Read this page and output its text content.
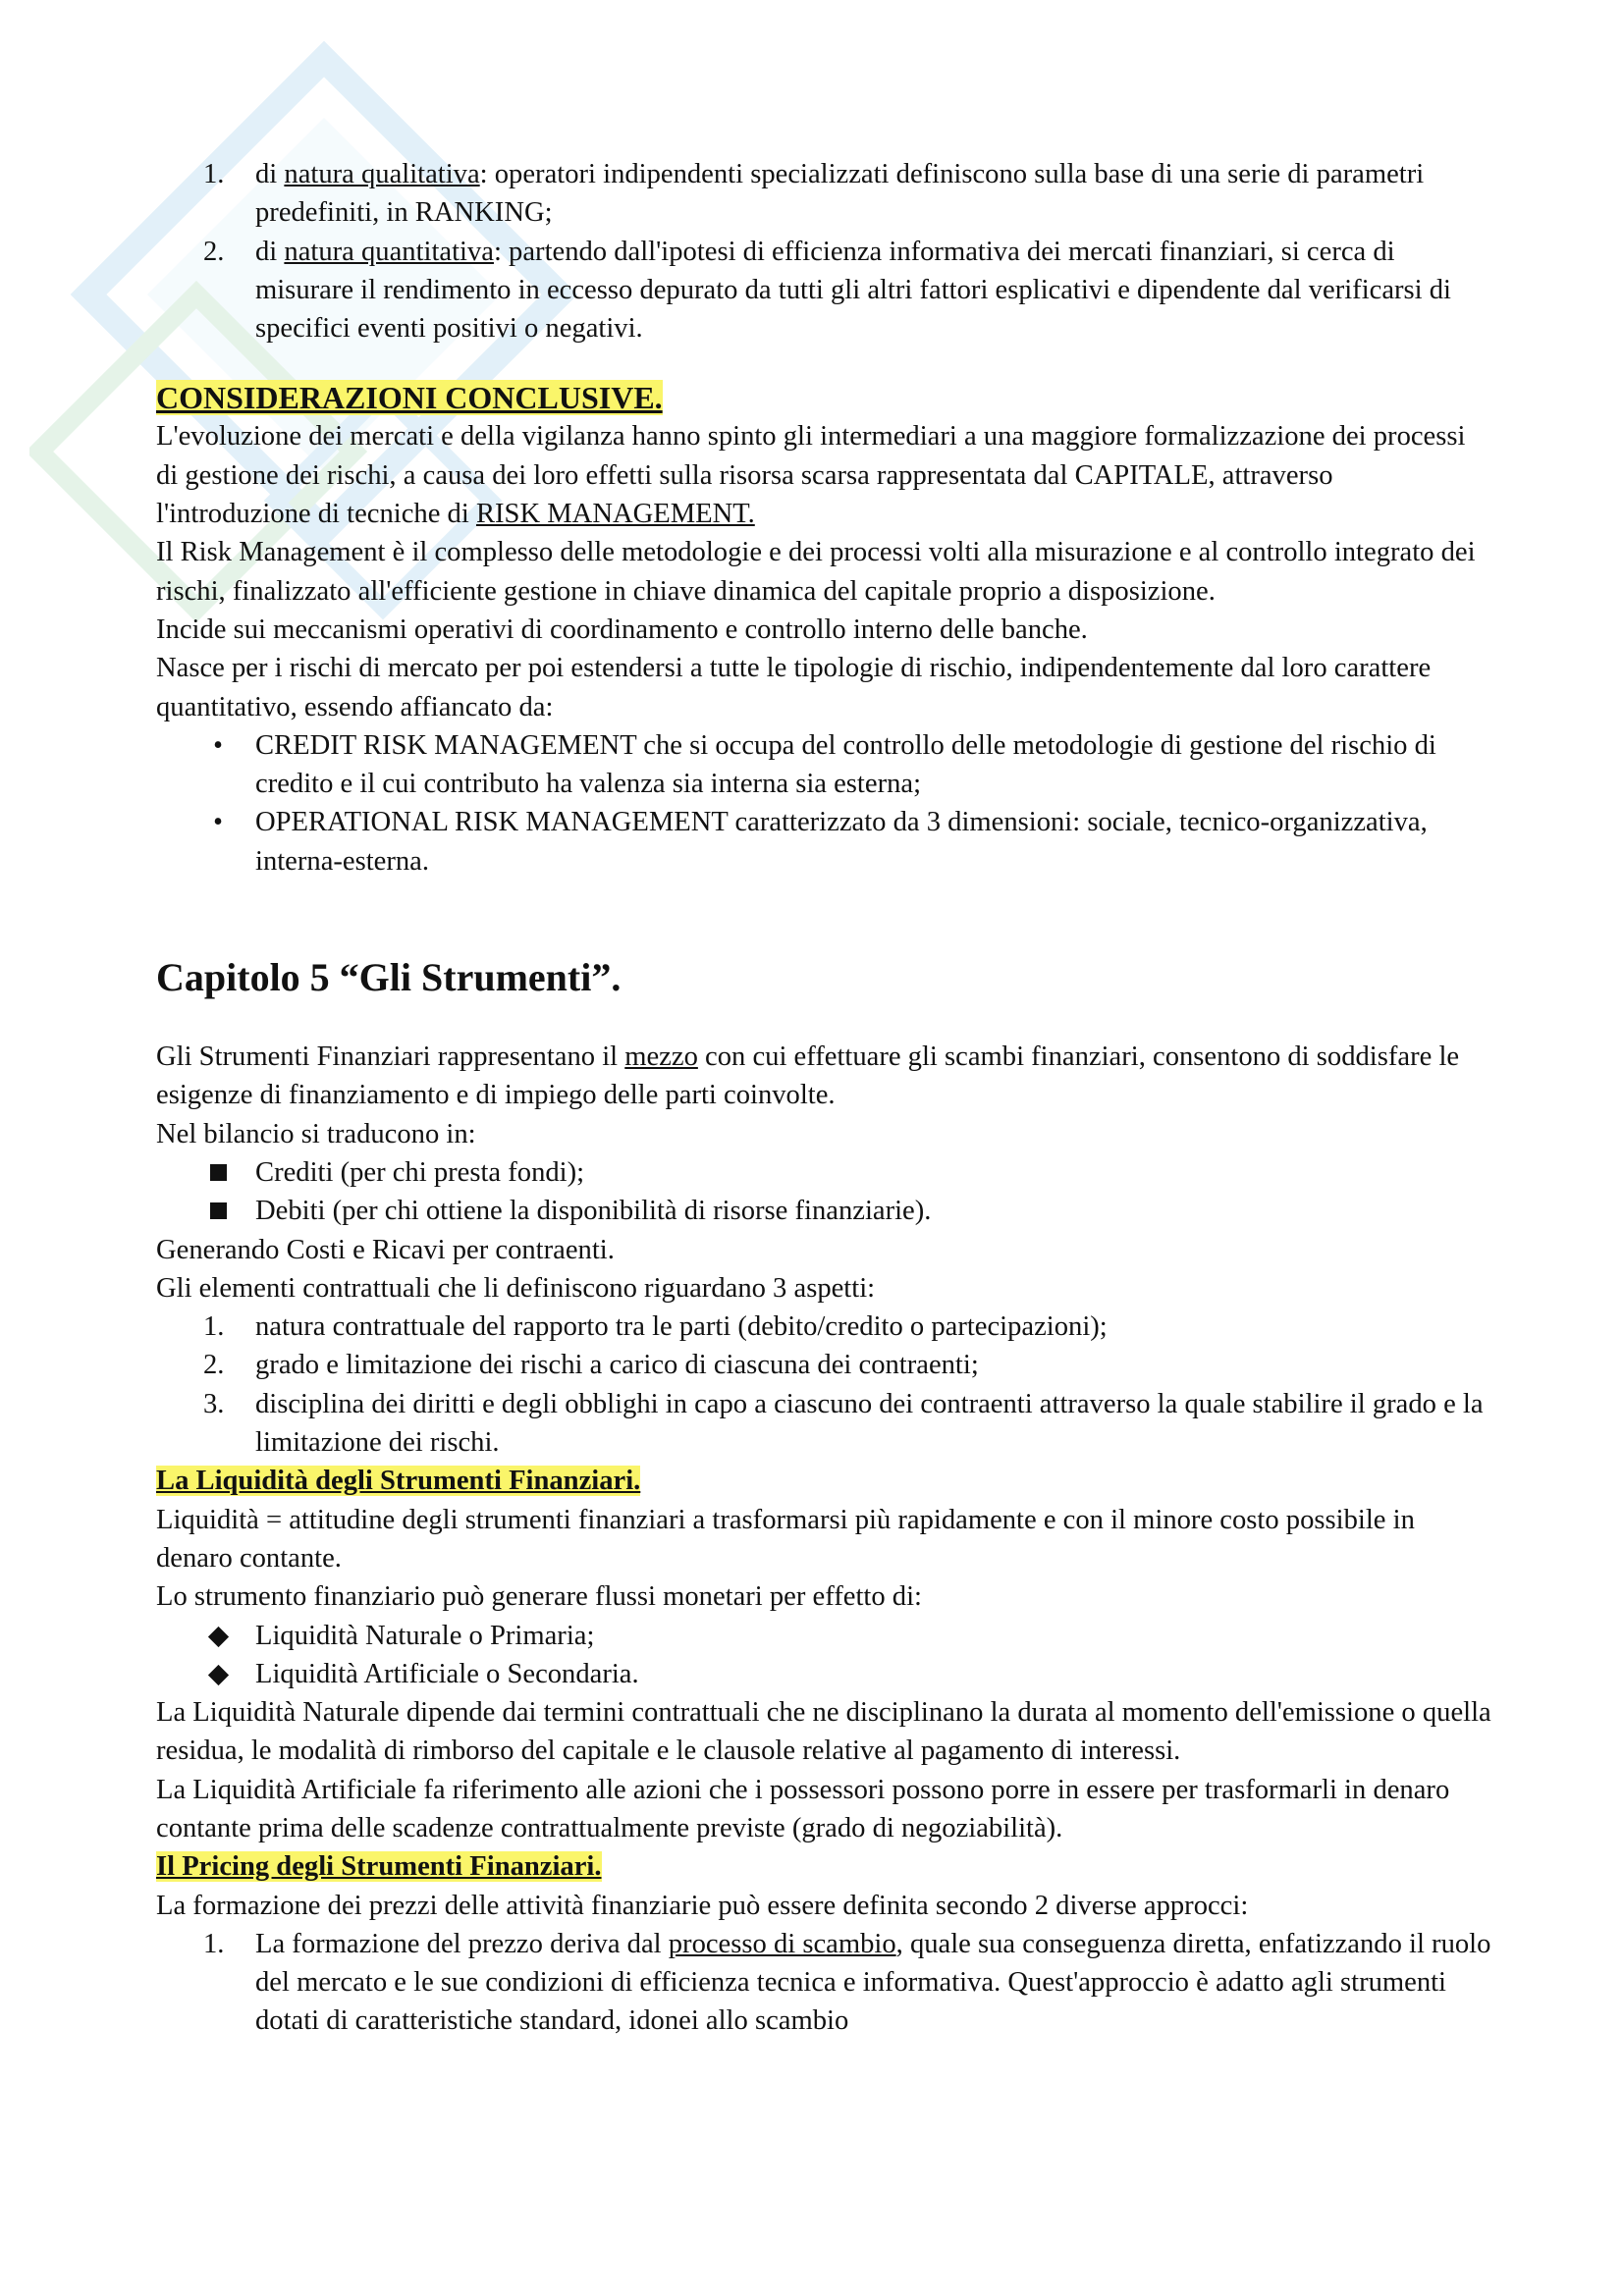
1. di natura qualitativa: operatori indipendenti specializzati definiscono sulla base di una serie di parametri predefiniti, in RANKING;
2. di natura quantitativa: partendo dall'ipotesi di efficienza informativa dei mercati finanziari, si cerca di misurare il rendimento in eccesso depurato da tutti gli altri fattori esplicativi e dipendente dal verificarsi di specifici eventi positivi o negativi.

CONSIDERAZIONI CONCLUSIVE.

L'evoluzione dei mercati e della vigilanza hanno spinto gli intermediari a una maggiore formalizzazione dei processi di gestione dei rischi, a causa dei loro effetti sulla risorsa scarsa rappresentata dal CAPITALE, attraverso l'introduzione di tecniche di RISK MANAGEMENT.

Il Risk Management è il complesso delle metodologie e dei processi volti alla misurazione e al controllo integrato dei rischi, finalizzato all'efficiente gestione in chiave dinamica del capitale proprio a disposizione.

Incide sui meccanismi operativi di coordinamento e controllo interno delle banche.

Nasce per i rischi di mercato per poi estendersi a tutte le tipologie di rischio, indipendentemente dal loro carattere quantitativo, essendo affiancato da:

•	CREDIT RISK MANAGEMENT che si occupa del controllo delle metodologie di gestione del rischio di credito e il cui contributo ha valenza sia interna sia esterna;
•	OPERATIONAL RISK MANAGEMENT caratterizzato da 3 dimensioni: sociale, tecnico-organizzativa, interna-esterna.

Capitolo 5 “Gli Strumenti”.

Gli Strumenti Finanziari rappresentano il mezzo con cui effettuare gli scambi finanziari, consentono di soddisfare le esigenze di finanziamento e di impiego delle parti coinvolte.

Nel bilancio si traducono in:

Crediti (per chi presta fondi);
Debiti (per chi ottiene la disponibilità di risorse finanziarie).

Generando Costi e Ricavi per contraenti.

Gli elementi contrattuali che li definiscono riguardano 3 aspetti:

1. natura contrattuale del rapporto tra le parti (debito/credito o partecipazioni);
2. grado e limitazione dei rischi a carico di ciascuna dei contraenti;
3. disciplina dei diritti e degli obblighi in capo a ciascuno dei contraenti attraverso la quale stabilire il grado e la limitazione dei rischi.

La Liquidità degli Strumenti Finanziari.

Liquidità = attitudine degli strumenti finanziari a trasformarsi più rapidamente e con il minore costo possibile in denaro contante.

Lo strumento finanziario può generare flussi monetari per effetto di:

Liquidità Naturale o Primaria;
Liquidità Artificiale o Secondaria.

La Liquidità Naturale dipende dai termini contrattuali che ne disciplinano la durata al momento dell'emissione o quella residua, le modalità di rimborso del capitale e le clausole relative al pagamento di interessi.

La Liquidità Artificiale fa riferimento alle azioni che i possessori possono porre in essere per trasformarli in denaro contante prima delle scadenze contrattualmente previste (grado di negoziabilità).

Il Pricing degli Strumenti Finanziari.

La formazione dei prezzi delle attività finanziarie può essere definita secondo 2 diverse approcci:

1. La formazione del prezzo deriva dal processo di scambio, quale sua conseguenza diretta, enfatizzando il ruolo del mercato e le sue condizioni di efficienza tecnica e informativa. Quest'approccio è adatto agli strumenti dotati di caratteristiche standard, idonei allo scambio
